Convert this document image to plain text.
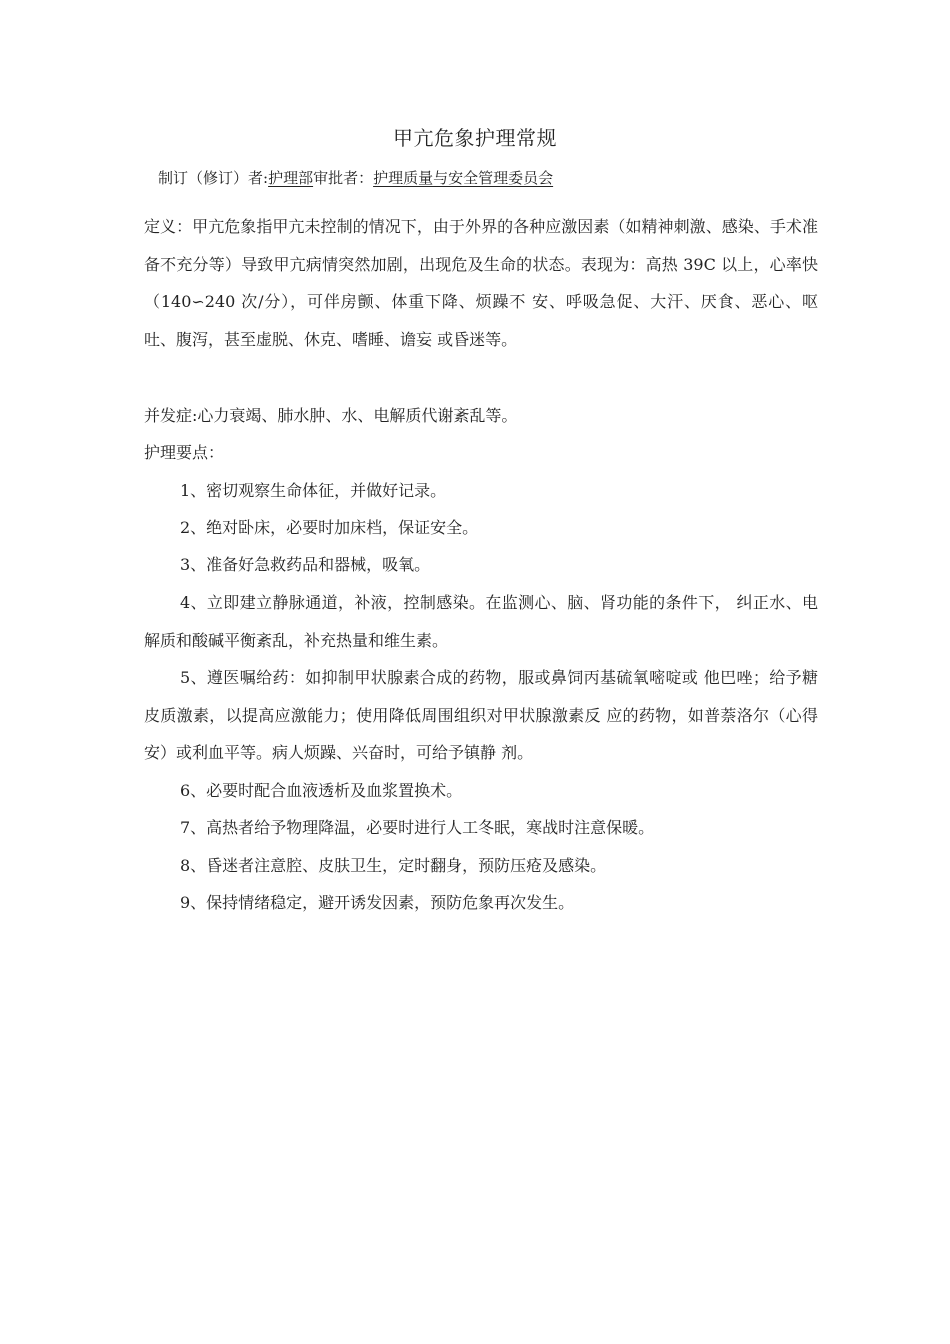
甲亢危象护理常规
制订（修订）者:护理部审批者：护理质量与安全管理委员会
定义：甲亢危象指甲亢未控制的情况下，由于外界的各种应激因素（如精神刺激、感染、手术准备不充分等）导致甲亢病情突然加剧，出现危及生命的状态。表现为：高热 39C 以上，心率快（140∽240 次/分），可伴房颤、体重下降、烦躁不 安、呼吸急促、大汗、厌食、恶心、呕吐、腹泻，甚至虚脱、休克、嗜睡、谵妄 或昏迷等。
并发症:心力衰竭、肺水肿、水、电解质代谢紊乱等。
护理要点：
1、密切观察生命体征，并做好记录。
2、绝对卧床，必要时加床档，保证安全。
3、准备好急救药品和器械，吸氧。
4、立即建立静脉通道，补液，控制感染。在监测心、脑、肾功能的条件下， 纠正水、电解质和酸碱平衡紊乱，补充热量和维生素。
5、遵医嘱给药：如抑制甲状腺素合成的药物，服或鼻饲丙基硫氧嘧啶或 他巴唑；给予糖皮质激素，以提高应激能力；使用降低周围组织对甲状腺激素反 应的药物，如普萘洛尔（心得安）或利血平等。病人烦躁、兴奋时，可给予镇静 剂。
6、必要时配合血液透析及血浆置换术。
7、高热者给予物理降温，必要时进行人工冬眠，寒战时注意保暖。
8、昏迷者注意腔、皮肤卫生，定时翻身，预防压疮及感染。
9、保持情绪稳定，避开诱发因素，预防危象再次发生。
